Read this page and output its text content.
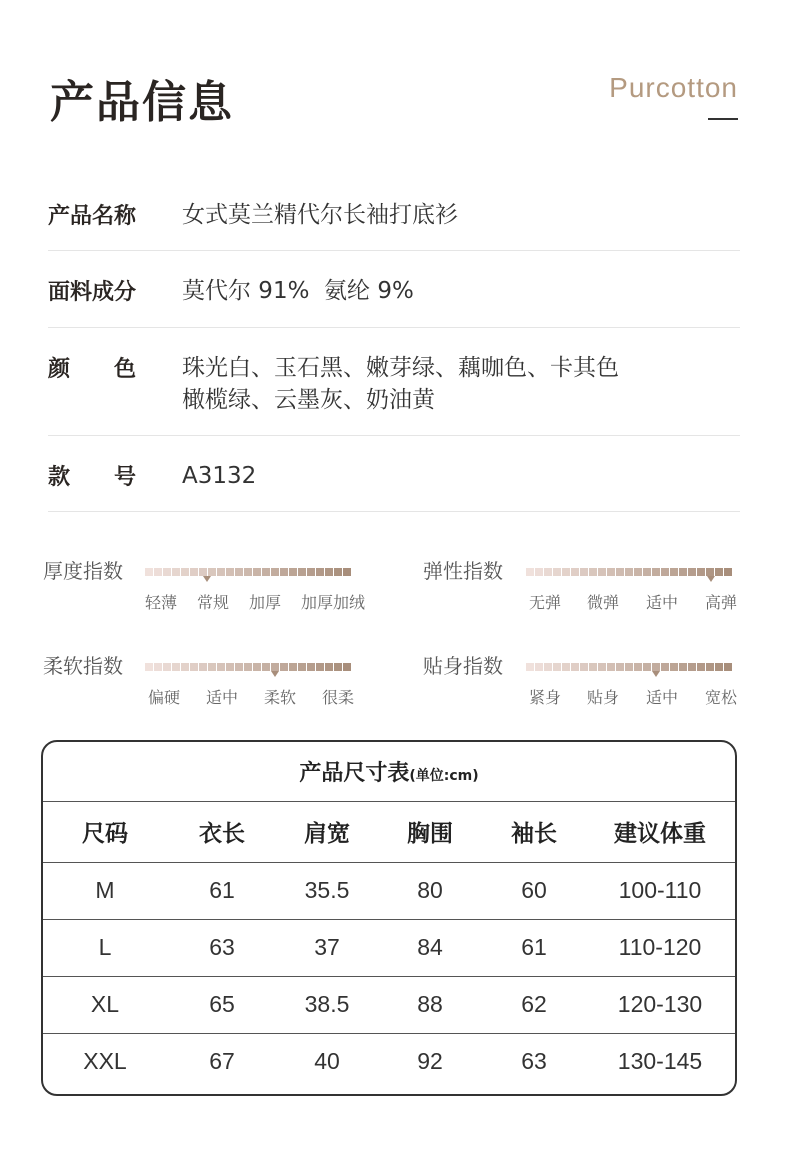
产品信息	Purcotton
产品名称	女式莫兰精代尔长袖打底衫
面料成分	莫代尔 91%  氨纶 9%
颜　　色	珠光白、玉石黑、嫩芽绿、藕咖色、卡其色
橄榄绿、云墨灰、奶油黄
款　　号	A3132
厚度指数
轻薄 常规 加厚 加厚加绒
弹性指数
无弹 微弹 适中 高弹
柔软指数
偏硬 适中 柔软 很柔
贴身指数
紧身 贴身 适中 宽松
产品尺寸表(单位:cm)
尺码	衣长	肩宽	胸围	袖长	建议体重
M	61	35.5	80	60	100-110
L	63	37	84	61	110-120
XL	65	38.5	88	62	120-130
XXL	67	40	92	63	130-145
